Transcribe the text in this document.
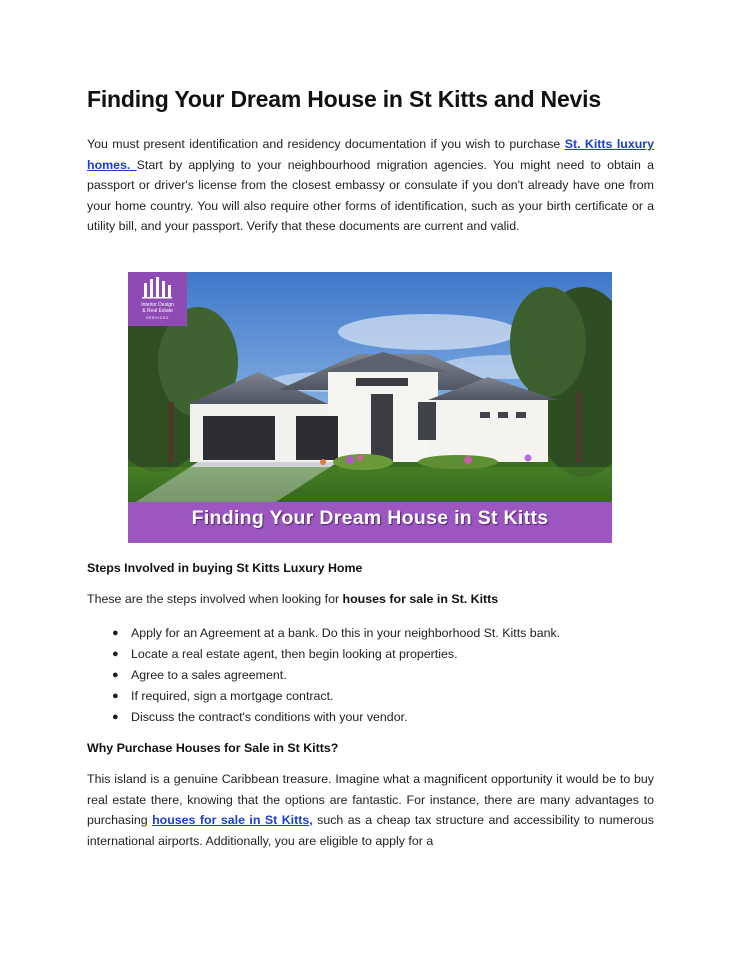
Finding Your Dream House in St Kitts and Nevis

You must present identification and residency documentation if you wish to purchase St. Kitts luxury homes. Start by applying to your neighbourhood migration agencies. You might need to obtain a passport or driver's license from the closest embassy or consulate if you don't already have one from your home country. You will also require other forms of identification, such as your birth certificate or a utility bill, and your passport. Verify that these documents are current and valid.

Interior Design
& Real Estate
SERVICES
Finding Your Dream House in St Kitts
Steps Involved in buying St Kitts Luxury Home

These are the steps involved when looking for houses for sale in St. Kitts

● Apply for an Agreement at a bank. Do this in your neighborhood St. Kitts bank.
● Locate a real estate agent, then begin looking at properties.
● Agree to a sales agreement.
● If required, sign a mortgage contract.
● Discuss the contract's conditions with your vendor.
Why Purchase Houses for Sale in St Kitts?

This island is a genuine Caribbean treasure. Imagine what a magnificent opportunity it would be to buy real estate there, knowing that the options are fantastic. For instance, there are many advantages to purchasing houses for sale in St Kitts, such as a cheap tax structure and accessibility to numerous international airports. Additionally, you are eligible to apply for a
